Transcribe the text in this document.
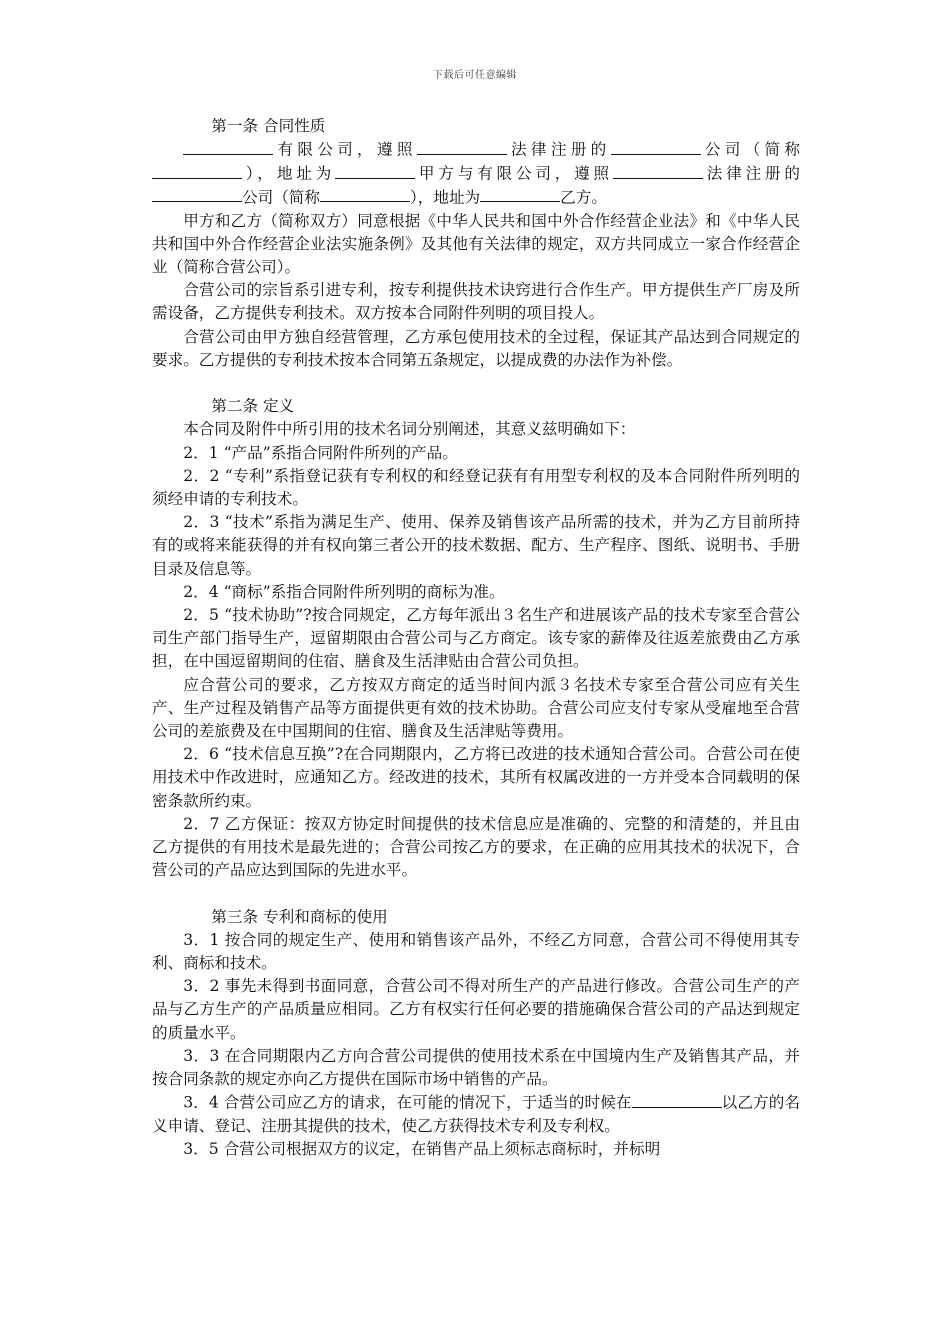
下载后可任意编辑

第一条 合同性质

有限公司，遵照	法律注册的	公司（简称），地址为	甲方与有限公司，遵照	法律注册的公司（简称	），地址为	乙方。

甲方和乙方（简称双方）同意根据《中华人民共和国中外合作经营企业法》和《中华人民共和国中外合作经营企业法实施条例》及其他有关法律的规定，双方共同成立一家合作经营企业（简称合营公司）。

合营公司的宗旨系引进专利，按专利提供技术诀窍进行合作生产。甲方提供生产厂房及所需设备，乙方提供专利技术。双方按本合同附件列明的项目投人。

合营公司由甲方独自经营管理，乙方承包使用技术的全过程，保证其产品达到合同规定的要求。乙方提供的专利技术按本合同第五条规定，以提成费的办法作为补偿。

第二条 定义

本合同及附件中所引用的技术名词分别阐述，其意义兹明确如下：

2．1 “产品”系指合同附件所列的产品。

2．2 “专利”系指登记获有专利权的和经登记获有有用型专利权的及本合同附件所列明的须经申请的专利技术。

2．3 “技术”系指为满足生产、使用、保养及销售该产品所需的技术，并为乙方目前所持有的或将来能获得的并有权向第三者公开的技术数据、配方、生产程序、图纸、说明书、手册目录及信息等。

2．4 “商标”系指合同附件所列明的商标为准。

2．5 “技术协助”?按合同规定，乙方每年派出３名生产和进展该产品的技术专家至合营公司生产部门指导生产，逗留期限由合营公司与乙方商定。该专家的薪俸及往返差旅费由乙方承担，在中国逗留期间的住宿、膳食及生活津贴由合营公司负担。

应合营公司的要求，乙方按双方商定的适当时间内派３名技术专家至合营公司应有关生产、生产过程及销售产品等方面提供更有效的技术协助。合营公司应支付专家从受雇地至合营公司的差旅费及在中国期间的住宿、膳食及生活津贴等费用。

2．6 “技术信息互换”?在合同期限内，乙方将已改进的技术通知合营公司。合营公司在使用技术中作改进时，应通知乙方。经改进的技术，其所有权属改进的一方并受本合同载明的保密条款所约束。

2．7 乙方保证：按双方协定时间提供的技术信息应是准确的、完整的和清楚的，并且由乙方提供的有用技术是最先进的；合营公司按乙方的要求，在正确的应用其技术的状况下，合营公司的产品应达到国际的先进水平。

第三条 专利和商标的使用

3．1 按合同的规定生产、使用和销售该产品外，不经乙方同意，合营公司不得使用其专利、商标和技术。

3．2 事先未得到书面同意，合营公司不得对所生产的产品进行修改。合营公司生产的产品与乙方生产的产品质量应相同。乙方有权实行任何必要的措施确保合营公司的产品达到规定的质量水平。

3．3 在合同期限内乙方向合营公司提供的使用技术系在中国境内生产及销售其产品，并按合同条款的规定亦向乙方提供在国际市场中销售的产品。

3．4 合营公司应乙方的请求，在可能的情况下，于适当的时候在	以乙方的名义申请、登记、注册其提供的技术，使乙方获得技术专利及专利权。

3．5 合营公司根据双方的议定，在销售产品上须标志商标时，并标明
